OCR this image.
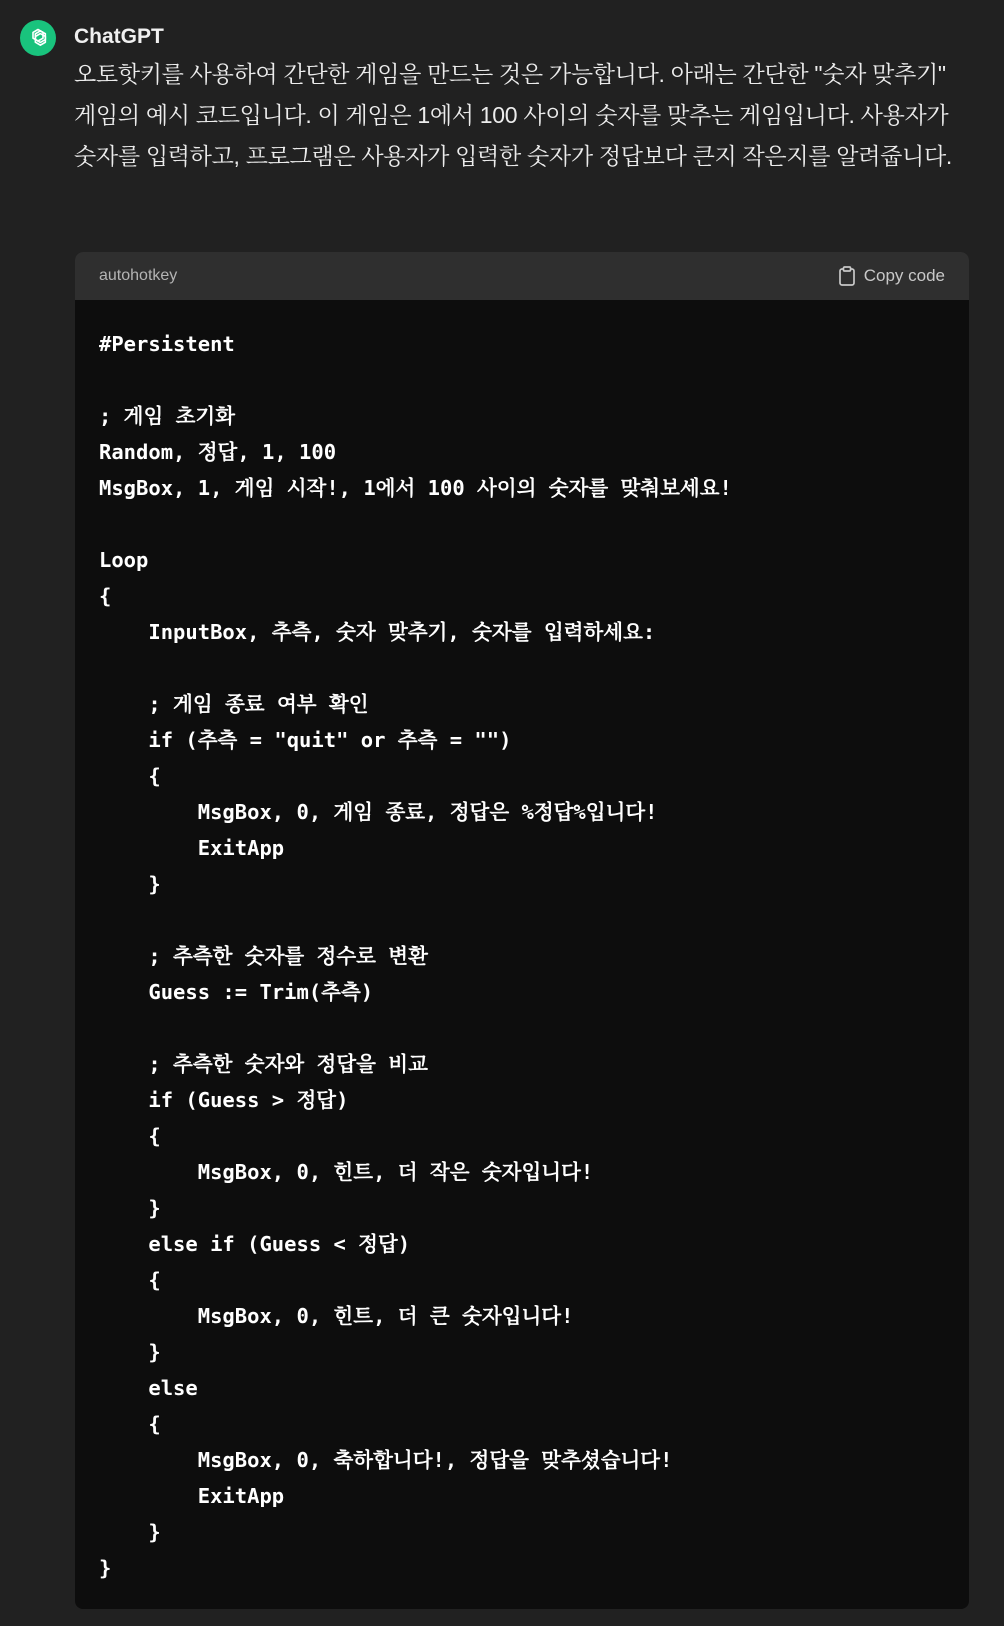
ChatGPT
오토핫키를 사용하여 간단한 게임을 만드는 것은 가능합니다. 아래는 간단한 "숫자 맞추기" 게임의 예시 코드입니다. 이 게임은 1에서 100 사이의 숫자를 맞추는 게임입니다. 사용자가 숫자를 입력하고, 프로그램은 사용자가 입력한 숫자가 정답보다 큰지 작은지를 알려줍니다.
autohotkey	Copy code
#Persistent

; 게임 초기화
Random, 정답, 1, 100
MsgBox, 1, 게임 시작!, 1에서 100 사이의 숫자를 맞춰보세요!

Loop
{
InputBox, 추측, 숫자 맞추기, 숫자를 입력하세요:

; 게임 종료 여부 확인
if (추측 = "quit" or 추측 = "")
{
MsgBox, 0, 게임 종료, 정답은 %정답%입니다!
ExitApp
}

; 추측한 숫자를 정수로 변환
Guess := Trim(추측)

; 추측한 숫자와 정답을 비교
if (Guess > 정답)
{
MsgBox, 0, 힌트, 더 작은 숫자입니다!
}
else if (Guess < 정답)
{
MsgBox, 0, 힌트, 더 큰 숫자입니다!
}
else
{
MsgBox, 0, 축하합니다!, 정답을 맞추셨습니다!
ExitApp
}
}
